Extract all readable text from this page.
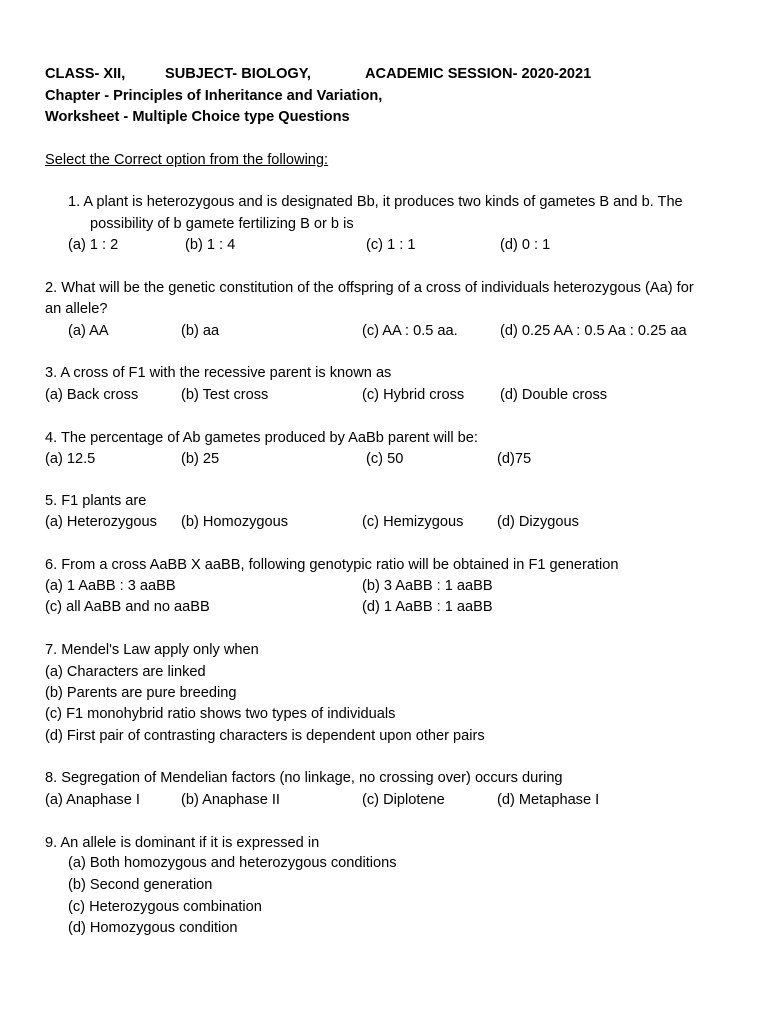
CLASS- XII,	SUBJECT- BIOLOGY,	ACADEMIC SESSION- 2020-2021
Chapter - Principles of Inheritance and Variation,
Worksheet - Multiple Choice type Questions
Select the Correct option from the following:
1. A plant is heterozygous and is designated Bb, it produces two kinds of gametes B and b. The
possibility of b gamete fertilizing B or b is
(a) 1 : 2	(b) 1 : 4	(c) 1 : 1	(d) 0 : 1
2. What will be the genetic constitution of the offspring of a cross of individuals heterozygous (Aa) for
an allele?
(a) AA	(b) aa	(c) AA : 0.5 aa.	(d) 0.25 AA : 0.5 Aa : 0.25 aa
3. A cross of F1 with the recessive parent is known as
(a) Back cross	(b) Test cross	(c) Hybrid cross (d) Double cross
4. The percentage of Ab gametes produced by AaBb parent will be:
(a) 12.5	(b) 25	(c) 50	(d)75
5. F1 plants are
(a) Heterozygous (b) Homozygous	(c) Hemizygous (d) Dizygous
6. From a cross AaBB X aaBB, following genotypic ratio will be obtained in F1 generation
(a) 1 AaBB : 3 aaBB	(b) 3 AaBB : 1 aaBB
(c) all AaBB and no aaBB	(d) 1 AaBB : 1 aaBB
7. Mendel's Law apply only when
(a) Characters are linked
(b) Parents are pure breeding
(c) F1 monohybrid ratio shows two types of individuals
(d) First pair of contrasting characters is dependent upon other pairs
8. Segregation of Mendelian factors (no linkage, no crossing over) occurs during
(a) Anaphase I	(b) Anaphase II	(c) Diplotene	(d) Metaphase I
9. An allele is dominant if it is expressed in
(a) Both homozygous and heterozygous conditions
(b) Second generation
(c) Heterozygous combination
(d) Homozygous condition
